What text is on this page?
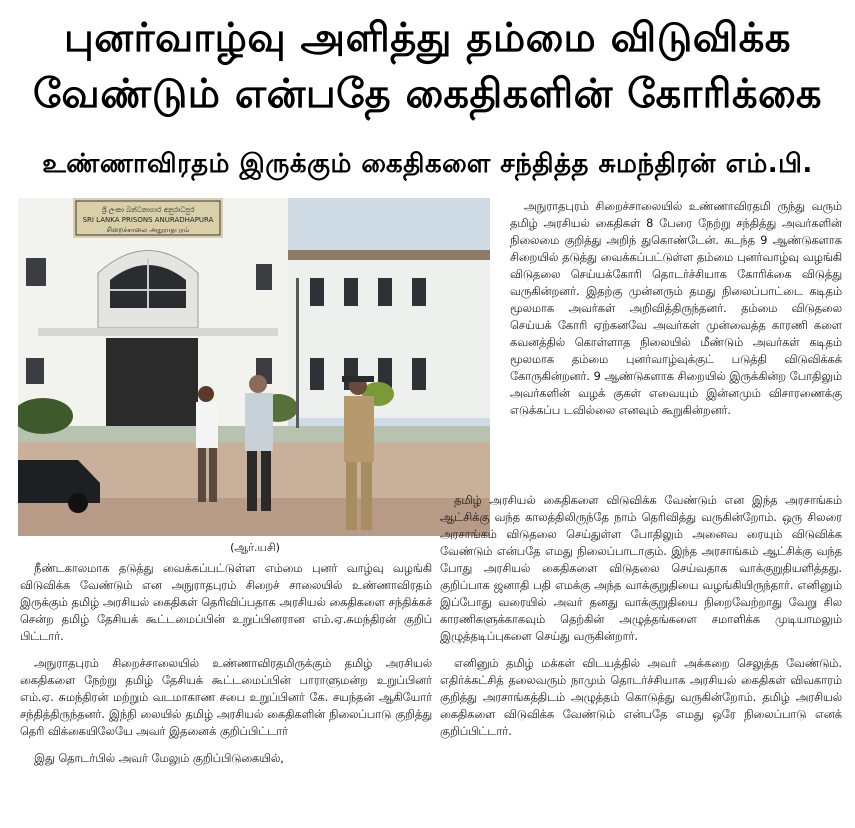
புனர்வாழ்வு அளித்து தம்மை விடுவிக்க
வேண்டும் என்பதே கைதிகளின் கோரிக்கை
உண்ணாவிரதம் இருக்கும் கைதிகளை சந்தித்த சுமந்திரன் எம்.பி.
ශ්‍රී ලංකා බන්ධනාගාර අනුරාධපුර
SRI LANKA PRISONS ANURADHAPURA
சிறைச்சாலை அநுராதபுரம்
(ஆர்.யசி)

அநுராதபுரம் சிறைச்சாலையில் உண்ணாவிரதமி ருந்து வரும் தமிழ் அரசியல் கைதிகள் 8 பேரை நேற்று சந்தித்து அவர்களின் நிலைமை குறித்து அறிந் துகொண்டேன். கடந்த 9 ஆண்டுகளாக சிறையில் தடுத்து வைக்கப்பட்டுள்ள தம்மை புனர்வாழ்வு வழங்கி விடுதலை செய்யக்கோரி தொடர்ச்சியாக கோரிக்கை விடுத்து வருகின்றனர். இதற்கு முன்னரும் தமது நிலைப்பாட்டை கடிதம் மூலமாக அவர்கள் அறிவித்திருந்தனர். தம்மை விடுதலை செய்யக் கோரி ஏற்கனவே அவர்கள் முன்வைத்த காரணி களை கவனத்தில் கொள்ளாத நிலையில் மீண்டும் அவர்கள் கடிதம் மூலமாக தம்மை புனர்வாழ்வுக்குட் படுத்தி விடுவிக்கக் கோருகின்றனர். 9 ஆண்டுகளாக சிறையில் இருக்கின்ற போதிலும் அவர்களின் வழக் குகள் எவையும் இன்னமும் விசாரணைக்கு எடுக்கப்ப டவில்லை எனவும் கூறுகின்றனர்.

நீண்டகாலமாக தடுத்து வைக்கப்பட்டுள்ள எம்மை புனர் வாழ்வு வழங்கி விடுவிக்க வேண்டும் என அநுராதபுரம் சிறைச் சாலையில் உண்ணாவிரதம் இருக்கும் தமிழ் அரசியல் கைதிகள் தெரிவிப்பதாக அரசியல் கைதிகளை சந்திக்கச் சென்ற தமிழ் தேசியக் கூட்டமைப்பின் உறுப்பினரான எம்.ஏ.சுமந்திரன் குறிப் பிட்டார்.

அநுராதபுரம் சிறைச்சாலையில் உண்ணாவிரதமிருக்கும் தமிழ் அரசியல் கைதிகளை நேற்று தமிழ் தேசியக் கூட்டமைப்பின் பாராளுமன்ற உறுப்பினர் எம்.ஏ. சுமந்திரன் மற்றும் வடமாகாண சபை உறுப்பினர் கே. சயந்தன் ஆகியோர் சந்தித்திருந்தனர். இந்நி லையில் தமிழ் அரசியல் கைதிகளின் நிலைப்பாடு குறித்து தெரி விக்கையிலேயே அவர் இதனைக் குறிப்பிட்டார்

இது தொடர்பில் அவர் மேலும் குறிப்பிடுகையில்,

தமிழ் அரசியல் கைதிகளை விடுவிக்க வேண்டும் என இந்த அரசாங்கம் ஆட்சிக்கு வந்த காலத்திலிருந்தே நாம் தெரிவித்து வருகின்றோம். ஒரு சிலரை அரசாங்கம் விடுதலை செய்துள்ள போதிலும் அனைவ ரையும் விடுவிக்க வேண்டும் என்பதே எமது நிலைப்பாடாகும். இந்த அரசாங்கம் ஆட்சிக்கு வந்த போது அரசியல் கைதிகளை விடுதலை செய்வதாக வாக்குறுதியளித்தது. குறிப்பாக ஜனாதி பதி எமக்கு அந்த வாக்குறுதியை வழங்கியிருந்தார். எனினும் இப்போது வரையில் அவர் தனது வாக்குறுதியை நிறைவேற்றாது வேறு சில காரணிகளுக்காகவும் தெற்கின் அழுத்தங்களை சமாளிக்க முடியாமலும் இழுத்தடிப்புகளை செய்து வருகின்றார்.

எனினும் தமிழ் மக்கள் விடயத்தில் அவர் அக்கறை செலுத்த வேண்டும். எதிர்க்கட்சித் தலைவரும் நாமும் தொடர்ச்சியாக அரசியல் கைதிகள் விவகாரம் குறித்து அரசாங்கத்திடம் அழுத்தம் கொடுத்து வருகின்றோம். தமிழ் அரசியல் கைதிகளை விடுவிக்க வேண்டும் என்பதே எமது ஒரே நிலைப்பாடு எனக் குறிப்பிட்டார்.
